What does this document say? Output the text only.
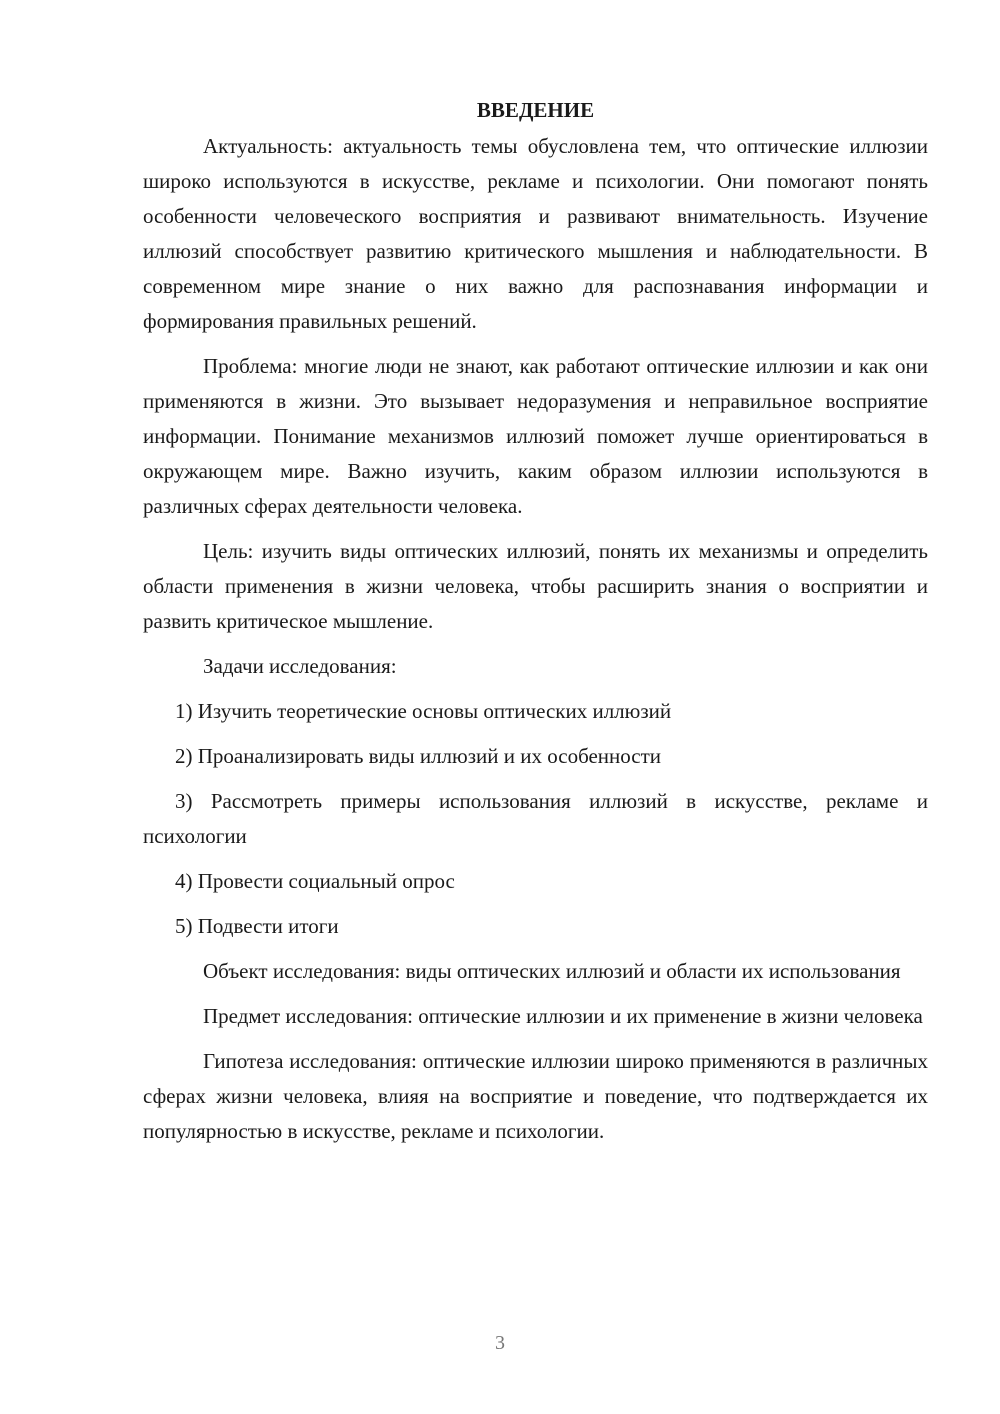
ВВЕДЕНИЕ

Актуальность: актуальность темы обусловлена тем, что оптические иллюзии широко используются в искусстве, рекламе и психологии. Они помогают понять особенности человеческого восприятия и развивают внимательность. Изучение иллюзий способствует развитию критического мышления и наблюдательности. В современном мире знание о них важно для распознавания информации и формирования правильных решений.

Проблема: многие люди не знают, как работают оптические иллюзии и как они применяются в жизни. Это вызывает недоразумения и неправильное восприятие информации. Понимание механизмов иллюзий поможет лучше ориентироваться в окружающем мире. Важно изучить, каким образом иллюзии используются в различных сферах деятельности человека.

Цель: изучить виды оптических иллюзий, понять их механизмы и определить области применения в жизни человека, чтобы расширить знания о восприятии и развить критическое мышление.

Задачи исследования:

1) Изучить теоретические основы оптических иллюзий

2) Проанализировать виды иллюзий и их особенности

3) Рассмотреть примеры использования иллюзий в искусстве, рекламе и психологии

4) Провести социальный опрос

5) Подвести итоги

Объект исследования: виды оптических иллюзий и области их использования

Предмет исследования: оптические иллюзии и их применение в жизни человека

Гипотеза исследования: оптические иллюзии широко применяются в различных сферах жизни человека, влияя на восприятие и поведение, что подтверждается их популярностью в искусстве, рекламе и психологии.

3
